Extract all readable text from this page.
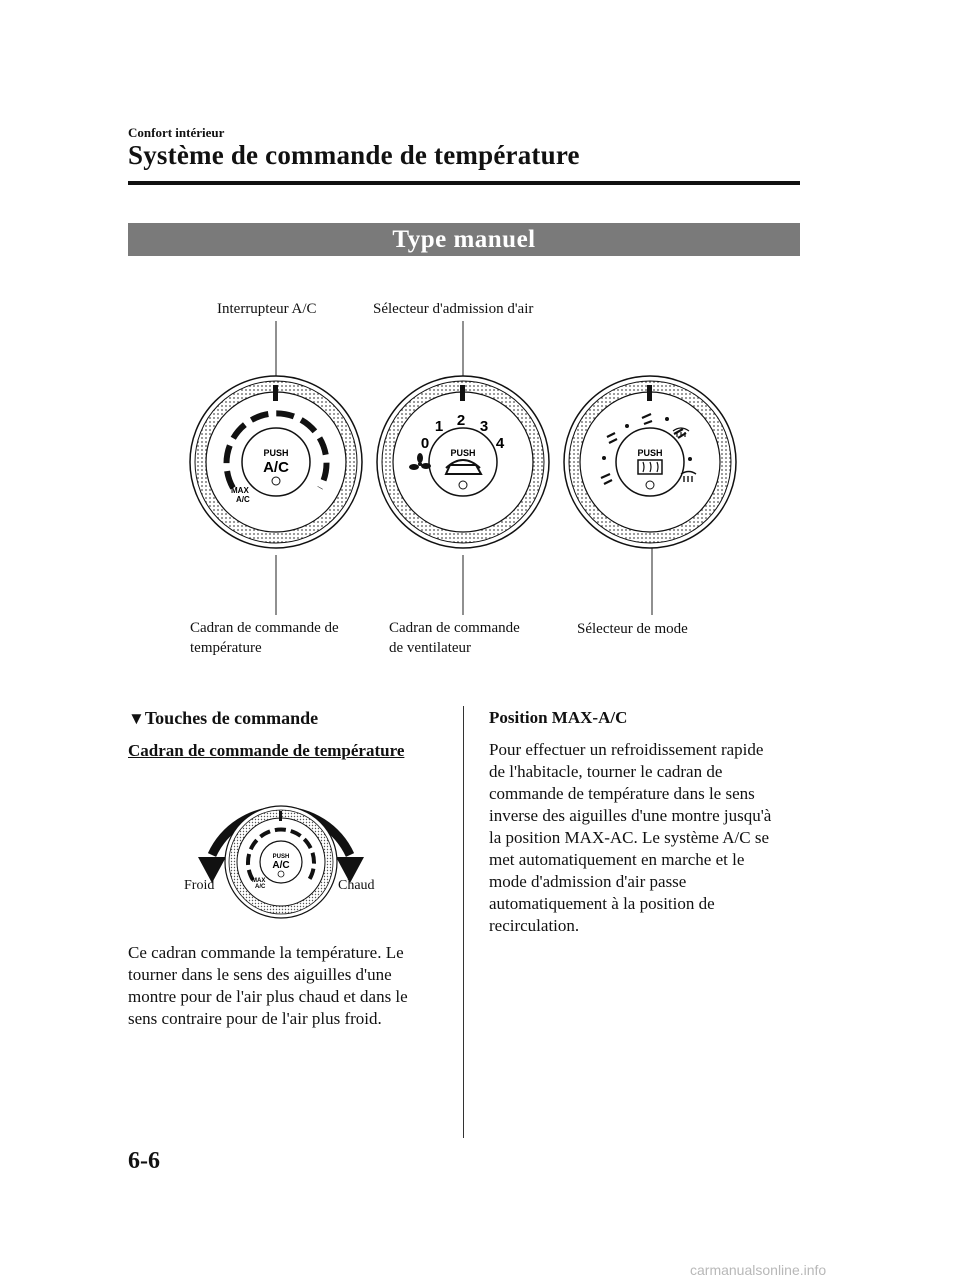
Confort intérieur
Système de commande de température
Type manuel
Interrupteur A/C	Sélecteur d'admission d'air
Cadran de commande de
température
Cadran de commande
de ventilateur
Sélecteur de mode
PUSH
A/C
MAX
A/C
PUSH
0
1 2 3
4
PUSH
▼Touches de commande
Cadran de commande de température
PUSH
A/C
MAX
A/C
Froid	Chaud
Ce cadran commande la température. Le
tourner dans le sens des aiguilles d'une
montre pour de l'air plus chaud et dans le
sens contraire pour de l'air plus froid.
Position MAX-A/C
Pour effectuer un refroidissement rapide
de l'habitacle, tourner le cadran de
commande de température dans le sens
inverse des aiguilles d'une montre jusqu'à
la position MAX-AC. Le système A/C se
met automatiquement en marche et le
mode d'admission d'air passe
automatiquement à la position de
recirculation.
6-6
carmanualsonline.info
